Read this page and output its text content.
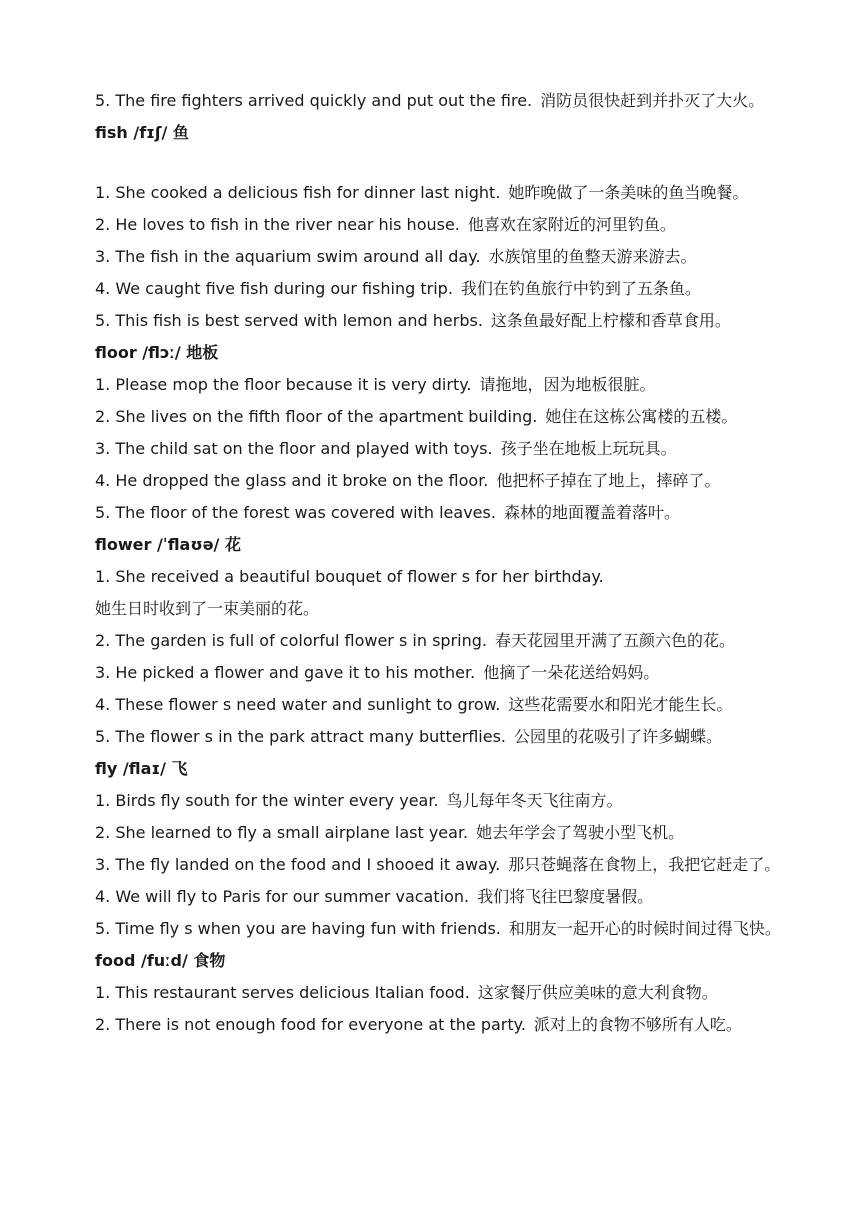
5. The fire fighters arrived quickly and put out the fire. 消防员很快赶到并扑灭了大火。
fish /fɪʃ/ 鱼
1. She cooked a delicious fish for dinner last night. 她昨晚做了一条美味的鱼当晚餐。
2. He loves to fish in the river near his house. 他喜欢在家附近的河里钓鱼。
3. The fish in the aquarium swim around all day. 水族馆里的鱼整天游来游去。
4. We caught five fish during our fishing trip. 我们在钓鱼旅行中钓到了五条鱼。
5. This fish is best served with lemon and herbs. 这条鱼最好配上柠檬和香草食用。
floor /flɔː/ 地板
1. Please mop the floor because it is very dirty. 请拖地，因为地板很脏。
2. She lives on the fifth floor of the apartment building. 她住在这栋公寓楼的五楼。
3. The child sat on the floor and played with toys. 孩子坐在地板上玩玩具。
4. He dropped the glass and it broke on the floor. 他把杯子掉在了地上，摔碎了。
5. The floor of the forest was covered with leaves. 森林的地面覆盖着落叶。
flower /ˈflaʊə/ 花
1. She received a beautiful bouquet of flower s for her birthday.
她生日时收到了一束美丽的花。
2. The garden is full of colorful flower s in spring. 春天花园里开满了五颜六色的花。
3. He picked a flower and gave it to his mother. 他摘了一朵花送给妈妈。
4. These flower s need water and sunlight to grow. 这些花需要水和阳光才能生长。
5. The flower s in the park attract many butterflies. 公园里的花吸引了许多蝴蝶。
fly /flaɪ/ 飞
1. Birds fly south for the winter every year. 鸟儿每年冬天飞往南方。
2. She learned to fly a small airplane last year. 她去年学会了驾驶小型飞机。
3. The fly landed on the food and I shooed it away. 那只苍蝇落在食物上，我把它赶走了。
4. We will fly to Paris for our summer vacation. 我们将飞往巴黎度暑假。
5. Time fly s when you are having fun with friends. 和朋友一起开心的时候时间过得飞快。
food /fuːd/ 食物
1. This restaurant serves delicious Italian food. 这家餐厅供应美味的意大利食物。
2. There is not enough food for everyone at the party. 派对上的食物不够所有人吃。
